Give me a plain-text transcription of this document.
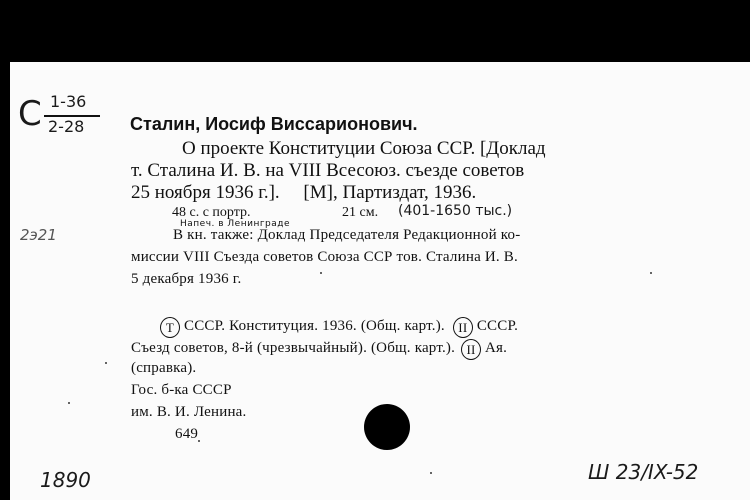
С 1-36
2-28	Сталин, Иосиф Виссарионович.
О проекте Конституции Союза ССР. [Доклад
т. Сталина И. В. на VIII Всесоюз. съезде советов
25 ноября 1936 г.].     [М], Партиздат, 1936.
48 с. с портр.	21 см. (401-1650 тыс.)
Напеч. в Ленинграде
2э21	В кн. также: Доклад Председателя Редакционной ко-
миссии VIII Съезда советов Союза ССР тов. Сталина И. В.
5 декабря 1936 г.
Т СССР. Конституция. 1936. (Общ. карт.). II СССР.
Съезд советов, 8-й (чрезвычайный). (Общ. карт.). II Ая.
(справка).
Гос. б-ка СССР
им. В. И. Ленина.
649
1890	Ш 23/IX-52
